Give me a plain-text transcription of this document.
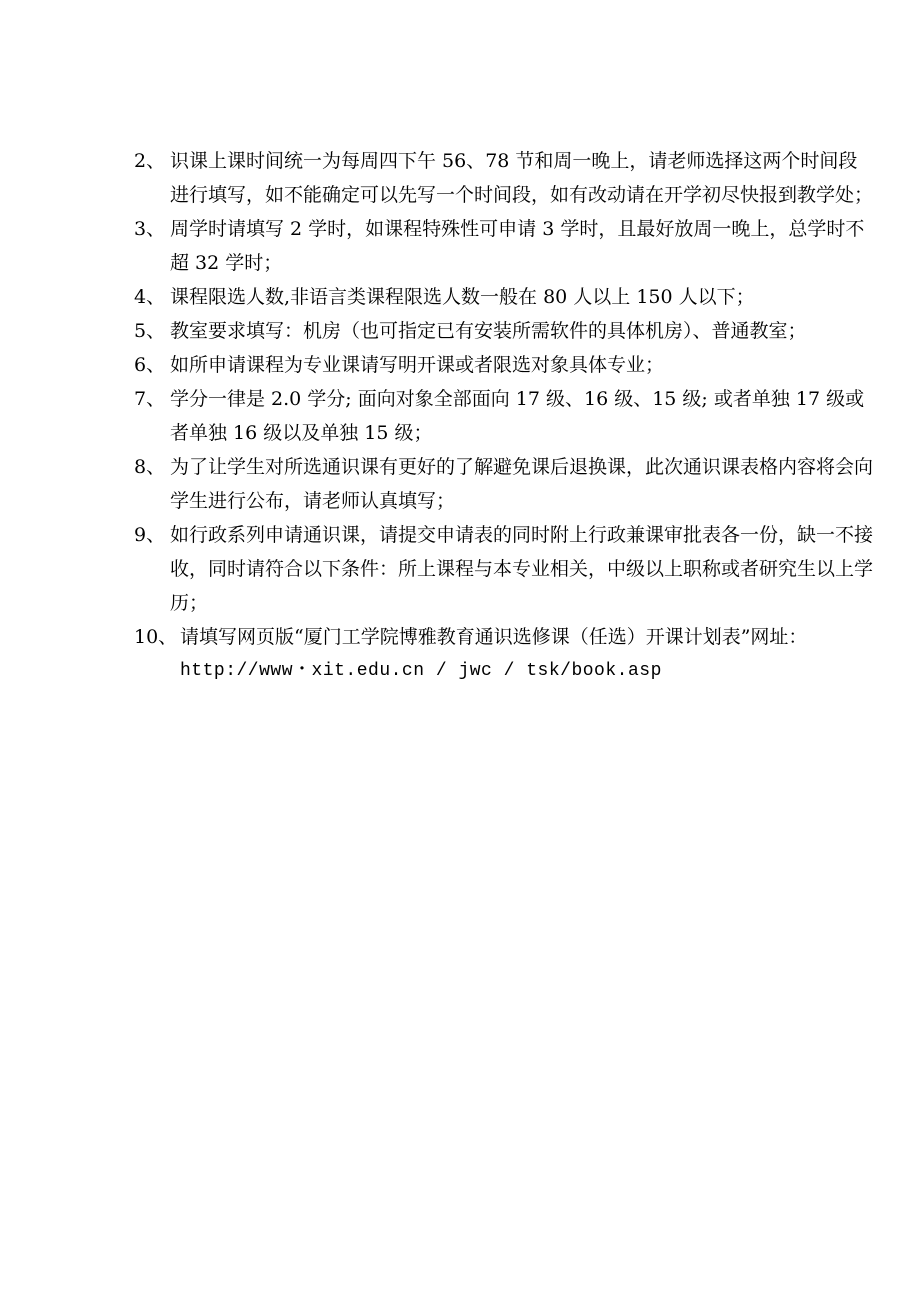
2、 识课上课时间统一为每周四下午 56、78 节和周一晚上，请老师选择这两个时间段进行填写，如不能确定可以先写一个时间段，如有改动请在开学初尽快报到教学处；
3、 周学时请填写 2 学时，如课程特殊性可申请 3 学时，且最好放周一晚上，总学时不超 32 学时；
4、 课程限选人数,非语言类课程限选人数一般在 80 人以上 150 人以下；
5、 教室要求填写：机房（也可指定已有安装所需软件的具体机房）、普通教室；
6、 如所申请课程为专业课请写明开课或者限选对象具体专业；
7、 学分一律是 2.0 学分; 面向对象全部面向 17 级、16 级、15 级; 或者单独 17 级或者单独 16 级以及单独 15 级；
8、 为了让学生对所选通识课有更好的了解避免课后退换课，此次通识课表格内容将会向学生进行公布，请老师认真填写；
9、 如行政系列申请通识课，请提交申请表的同时附上行政兼课审批表各一份，缺一不接收，同时请符合以下条件：所上课程与本专业相关，中级以上职称或者研究生以上学历；
10、 请填写网页版“厦门工学院博雅教育通识选修课（任选）开课计划表”网址：
http://www・xit.edu.cn / jwc / tsk/book.asp
